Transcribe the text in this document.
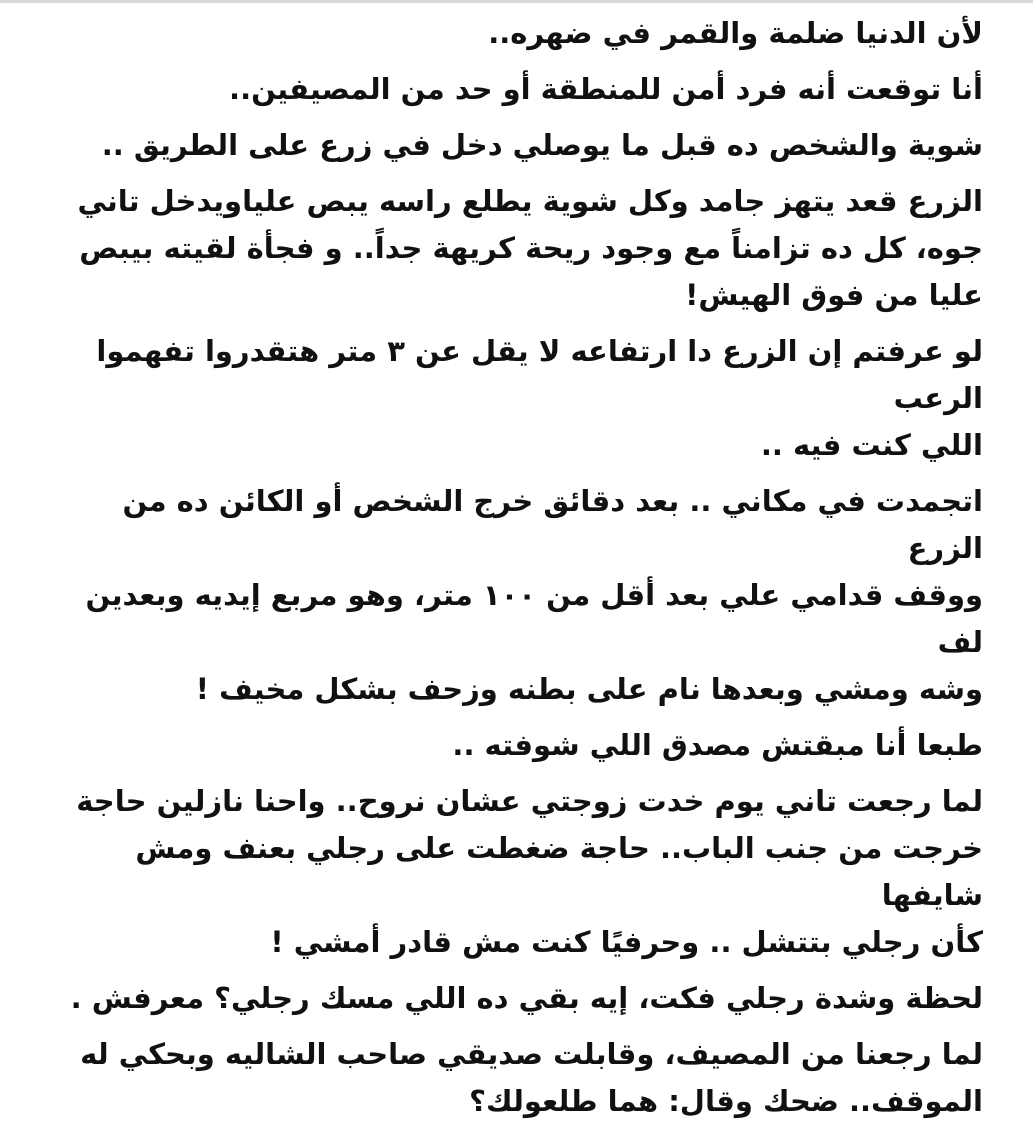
لأن الدنيا ضلمة والقمر في ضهره..

أنا توقعت أنه فرد أمن للمنطقة أو حد من المصيفين..

شوية والشخص ده قبل ما يوصلي دخل في زرع على الطريق ..

الزرع قعد يتهز جامد وكل شوية يطلع راسه يبص علياويدخل تاني
جوه، كل ده تزامناً مع وجود ريحة كريهة جداً.. و فجأة لقيته بيبص
عليا من فوق الهيش!

لو عرفتم إن الزرع دا ارتفاعه لا يقل عن ٣ متر هتقدروا تفهموا الرعب
اللي كنت فيه ..

اتجمدت في مكاني .. بعد دقائق خرج الشخص أو الكائن ده من الزرع
ووقف قدامي علي بعد أقل من ١٠٠ متر، وهو مربع إيديه وبعدين لف
وشه ومشي وبعدها نام على بطنه وزحف بشكل مخيف !

طبعا أنا مبقتش مصدق اللي شوفته ..

لما رجعت تاني يوم خدت زوجتي عشان نروح.. واحنا نازلين حاجة
خرجت من جنب الباب.. حاجة ضغطت على رجلي بعنف ومش شايفها
كأن رجلي بتتشل .. وحرفيًا كنت مش قادر أمشي !

لحظة وشدة رجلي فكت، إيه بقي ده اللي مسك رجلي؟ معرفش .

لما رجعنا من المصيف، وقابلت صديقي صاحب الشاليه وبحكي له
الموقف.. ضحك وقال: هما طلعولك؟
